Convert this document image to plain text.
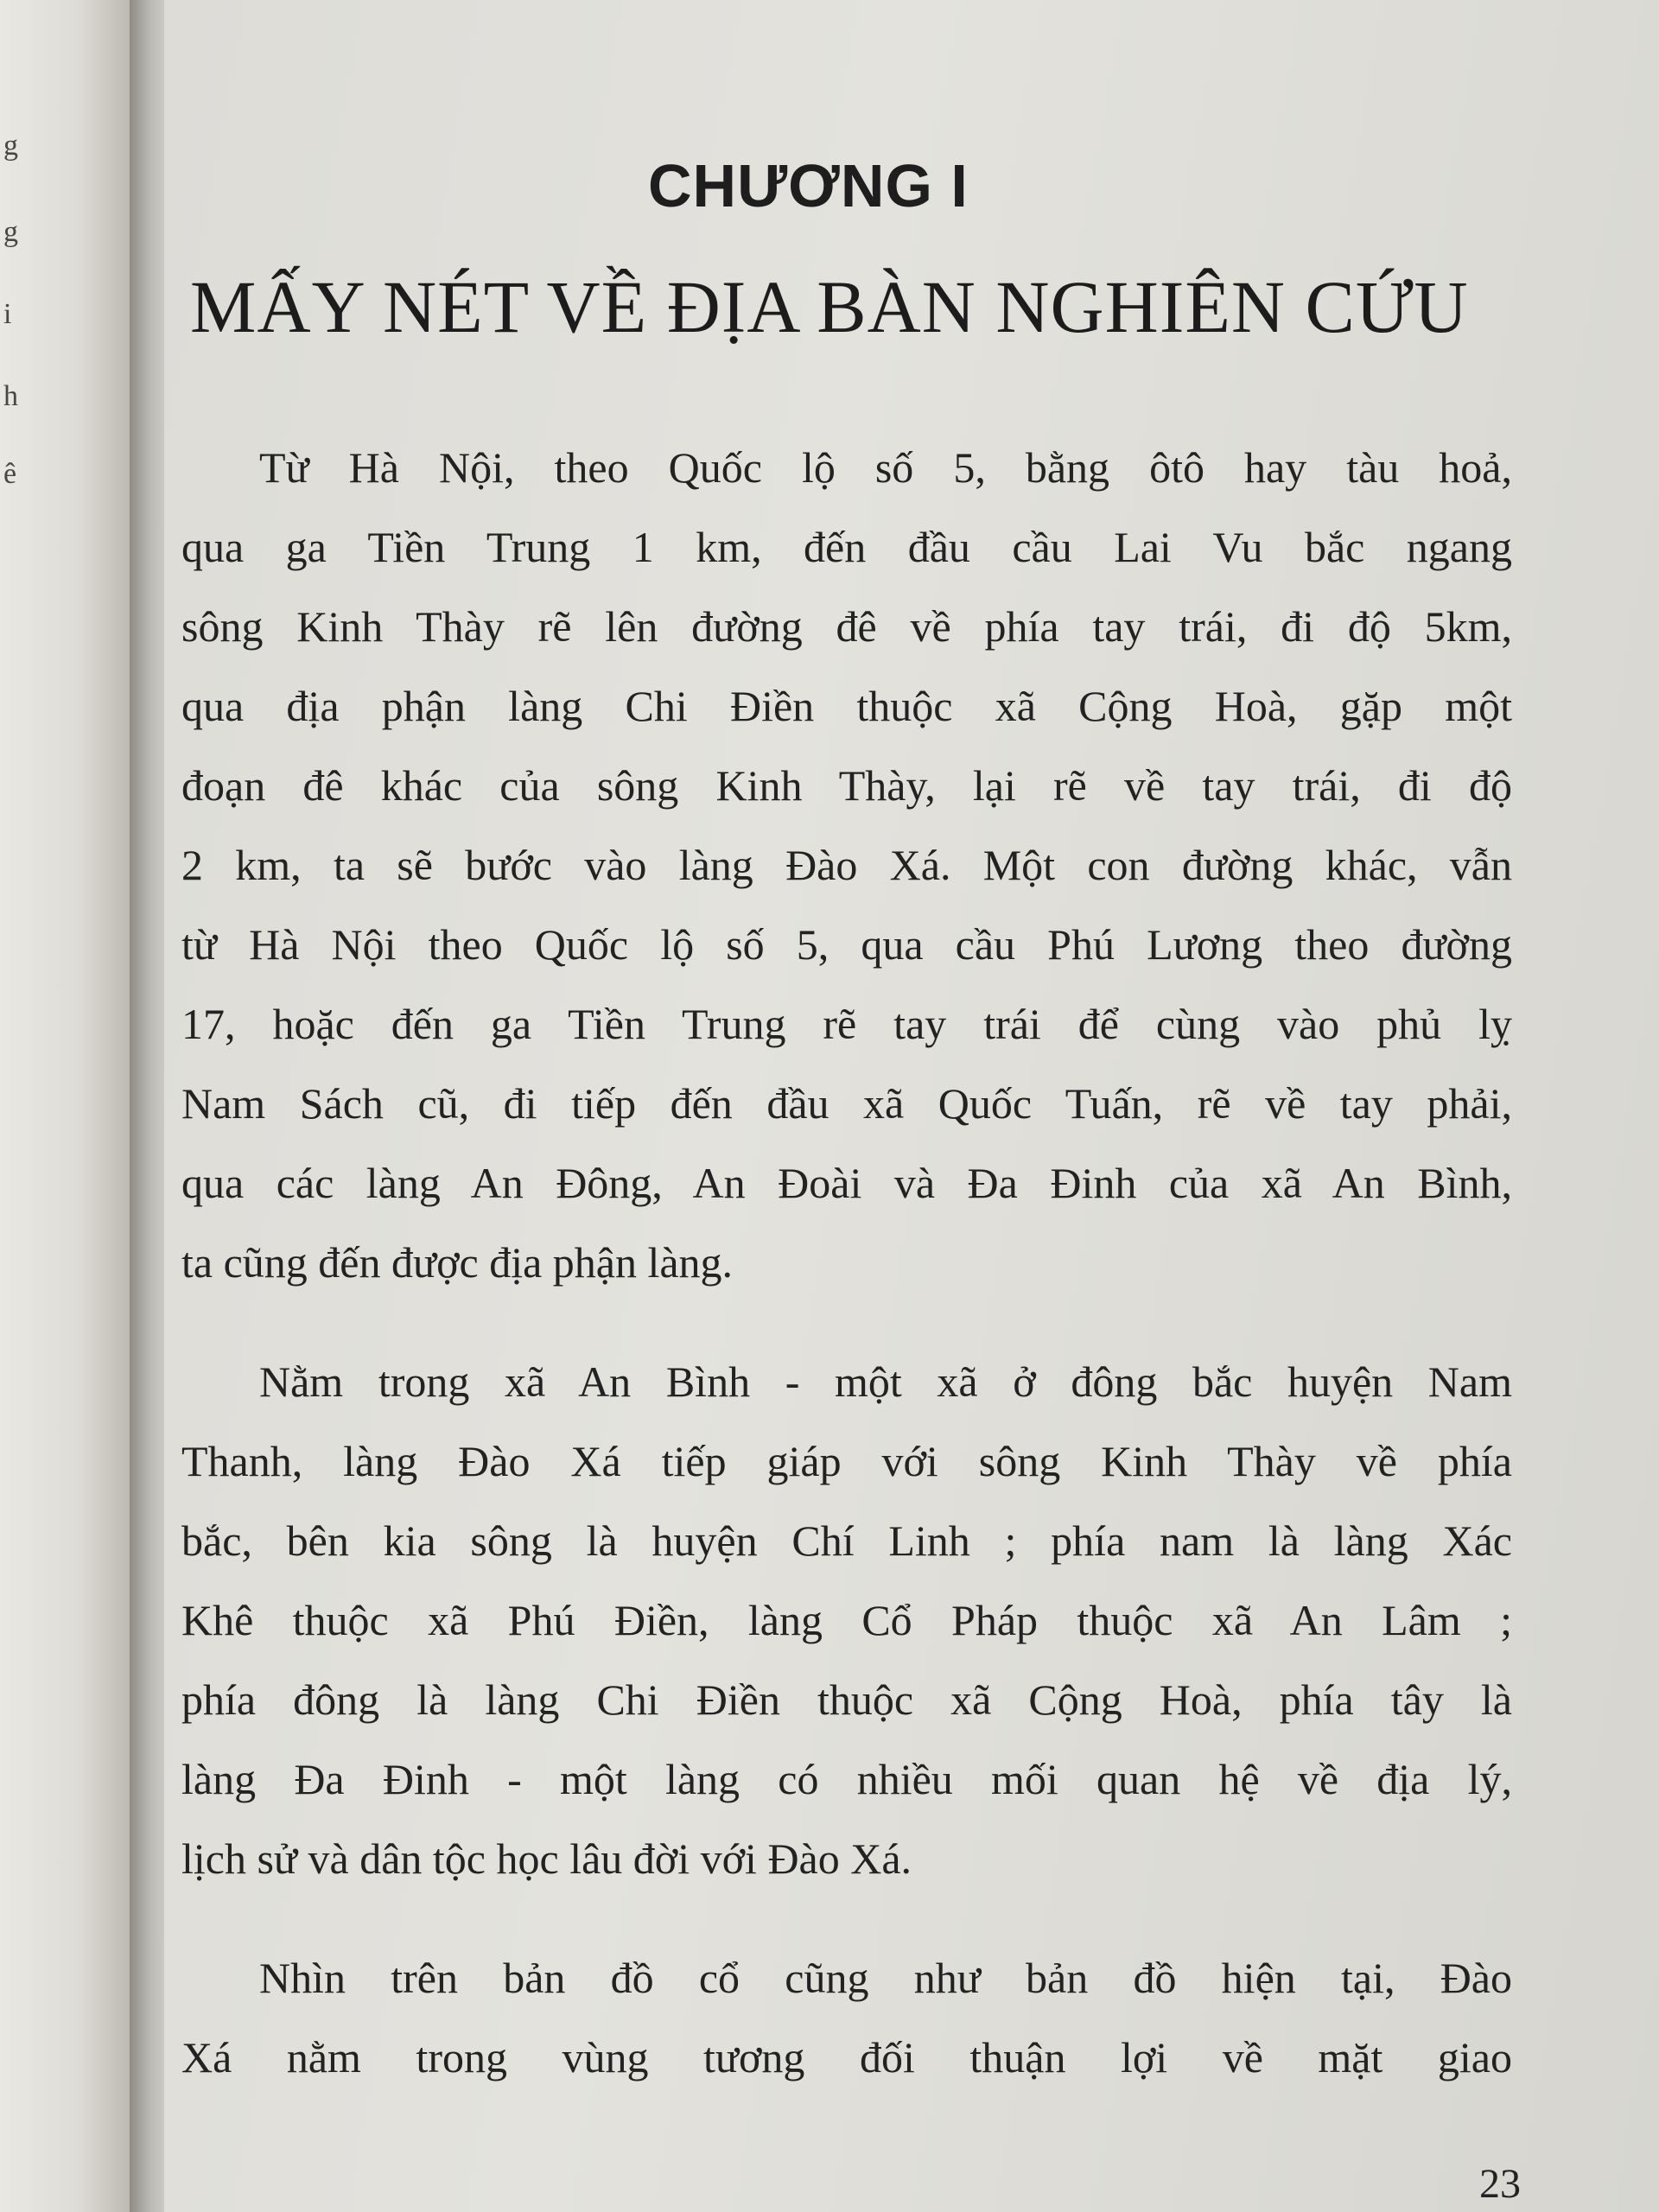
g
g
i
h
ê
CHƯƠNG I
MẤY NÉT VỀ ĐỊA BÀN NGHIÊN CỨU
Từ Hà Nội, theo Quốc lộ số 5, bằng ôtô hay tàu hoả,
qua ga Tiền Trung 1 km, đến đầu cầu Lai Vu bắc ngang
sông Kinh Thày rẽ lên đường đê về phía tay trái, đi độ 5km,
qua địa phận làng Chi Điền thuộc xã Cộng Hoà, gặp một
đoạn đê khác của sông Kinh Thày, lại rẽ về tay trái, đi độ
2 km, ta sẽ bước vào làng Đào Xá. Một con đường khác, vẫn
từ Hà Nội theo Quốc lộ số 5, qua cầu Phú Lương theo đường
17, hoặc đến ga Tiền Trung rẽ tay trái để cùng vào phủ lỵ
Nam Sách cũ, đi tiếp đến đầu xã Quốc Tuấn, rẽ về tay phải,
qua các làng An Đông, An Đoài và Đa Đinh của xã An Bình,
ta cũng đến được địa phận làng.
Nằm trong xã An Bình - một xã ở đông bắc huyện Nam
Thanh, làng Đào Xá tiếp giáp với sông Kinh Thày về phía
bắc, bên kia sông là huyện Chí Linh ; phía nam là làng Xác
Khê thuộc xã Phú Điền, làng Cổ Pháp thuộc xã An Lâm ;
phía đông là làng Chi Điền thuộc xã Cộng Hoà, phía tây là
làng Đa Đinh - một làng có nhiều mối quan hệ về địa lý,
lịch sử và dân tộc học lâu đời với Đào Xá.
Nhìn trên bản đồ cổ cũng như bản đồ hiện tại, Đào
Xá nằm trong vùng tương đối thuận lợi về mặt giao
23
